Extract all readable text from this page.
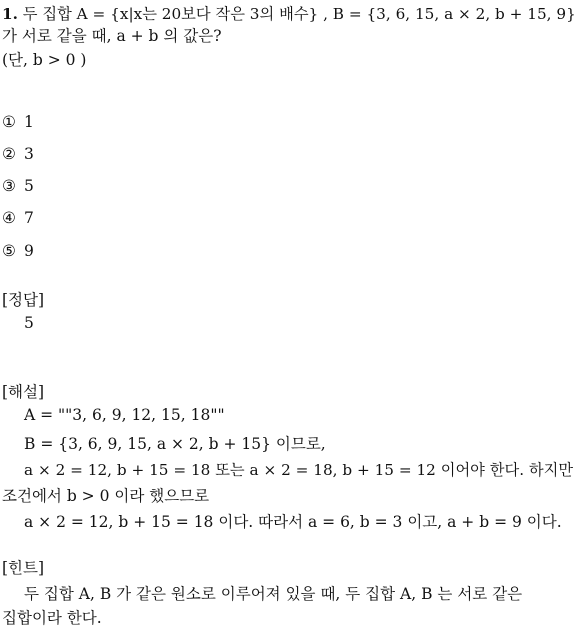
1. 두 집합 A = {x|x는 20보다 작은 3의 배수} , B = {3, 6, 15, a × 2, b + 15, 9}
가 서로 같을 때, a + b 의 값은?
(단, b > 0 )
① 1
② 3
③ 5
④ 7
⑤ 9
[정답]
5
[해설]
A = ""3, 6, 9, 12, 15, 18""
B = {3, 6, 9, 15, a × 2, b + 15} 이므로,
a × 2 = 12, b + 15 = 18 또는 a × 2 = 18, b + 15 = 12 이어야 한다. 하지만
조건에서 b > 0 이라 했으므로
a × 2 = 12, b + 15 = 18 이다. 따라서 a = 6, b = 3 이고, a + b = 9 이다.
[힌트]
두 집합 A, B 가 같은 원소로 이루어져 있을 때, 두 집합 A, B 는 서로 같은
집합이라 한다.
